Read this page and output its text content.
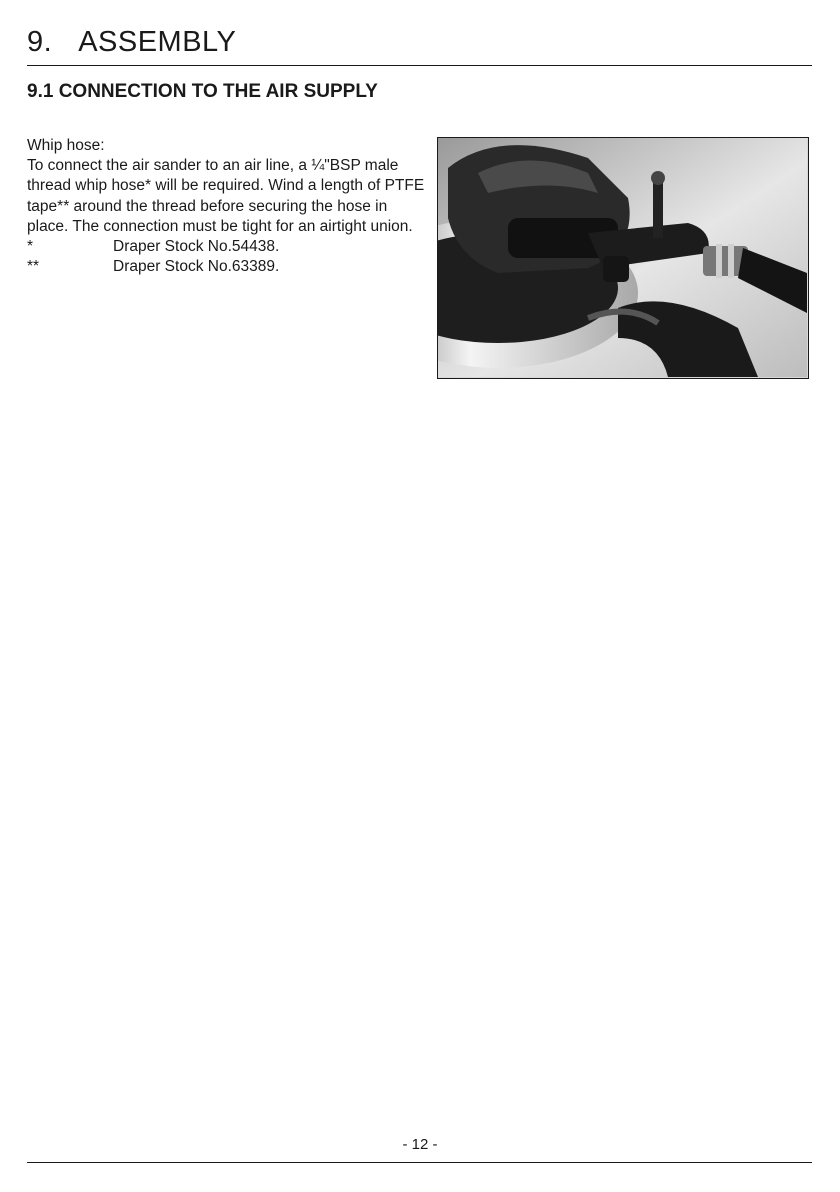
9. ASSEMBLY
9.1 CONNECTION TO THE AIR SUPPLY

Whip hose:

To connect the air sander to an air line, a ¼"BSP male thread whip hose* will be required. Wind a length of PTFE tape** around the thread before securing the hose in place. The connection must be tight for an airtight union.

*	Draper Stock No.54438.
**	Draper Stock No.63389.
- 12 -
